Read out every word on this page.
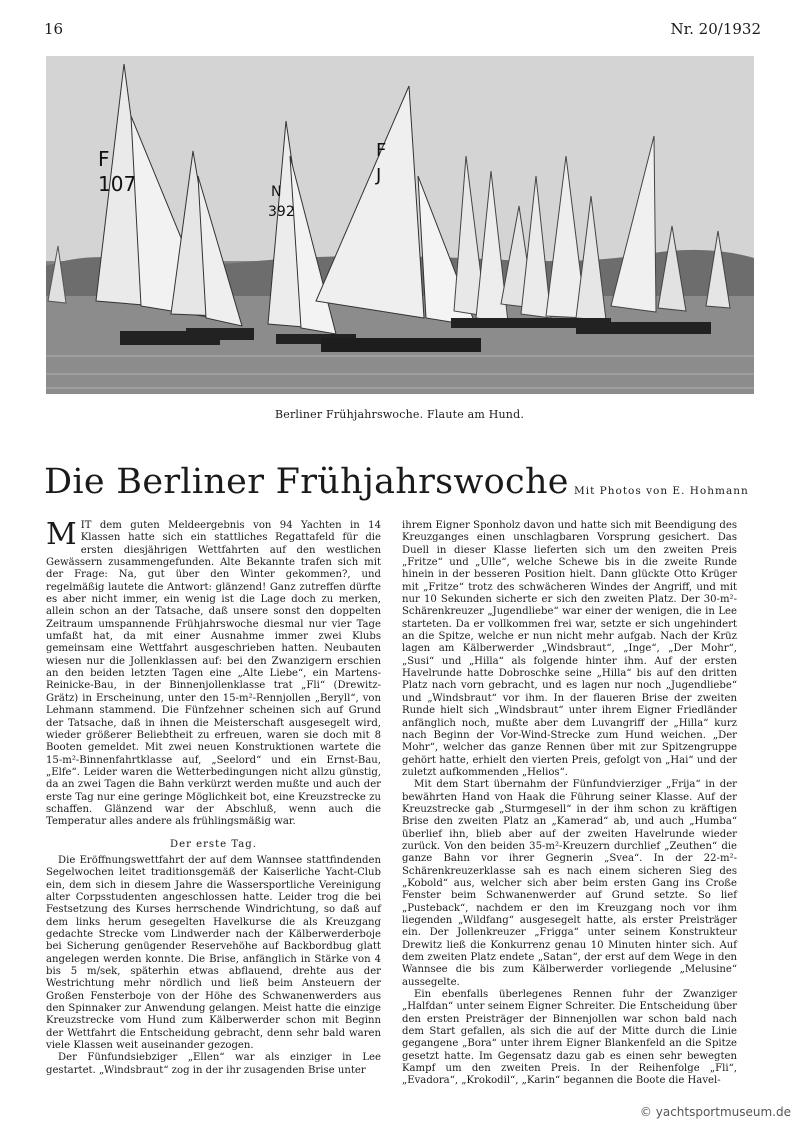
16	Nr. 20/1932
F
107	N
392
F
J
Berliner Frühjahrswoche. Flaute am Hund.
Die Berliner Frühjahrswoche Mit Photos von E. Hohmann

MIT dem guten Meldeergebnis von 94 Yachten in 14 Klassen hatte sich ein stattliches Regattafeld für die ersten diesjährigen Wettfahrten auf den westlichen Gewässern zusammengefunden. Alte Bekannte trafen sich mit der Frage: Na, gut über den Winter gekommen?, und regelmäßig lautete die Antwort: glänzend! Ganz zutreffen dürfte es aber nicht immer, ein wenig ist die Lage doch zu merken, allein schon an der Tatsache, daß unsere sonst den doppelten Zeitraum umspannende Frühjahrswoche diesmal nur vier Tage umfaßt hat, da mit einer Ausnahme immer zwei Klubs gemeinsam eine Wettfahrt ausgeschrieben hatten. Neubauten wiesen nur die Jollenklassen auf: bei den Zwanzigern erschien an den beiden letzten Tagen eine „Alte Liebe“, ein Martens-Reinicke-Bau, in der Binnenjollenklasse trat „Fli“ (Drewitz-Grätz) in Erscheinung, unter den 15-m²-Rennjollen „Beryll“, von Lehmann stammend. Die Fünfzehner scheinen sich auf Grund der Tatsache, daß in ihnen die Meisterschaft ausgesegelt wird, wieder größerer Beliebtheit zu erfreuen, waren sie doch mit 8 Booten gemeldet. Mit zwei neuen Konstruktionen wartete die 15-m²-Binnenfahrtklasse auf, „Seelord“ und ein Ernst-Bau, „Elfe“. Leider waren die Wetterbedingungen nicht allzu günstig, da an zwei Tagen die Bahn verkürzt werden mußte und auch der erste Tag nur eine geringe Möglichkeit bot, eine Kreuzstrecke zu schaffen. Glänzend war der Abschluß, wenn auch die Temperatur alles andere als frühlingsmäßig war.

Der erste Tag.

Die Eröffnungswettfahrt der auf dem Wannsee stattfindenden Segelwochen leitet traditionsgemäß der Kaiserliche Yacht-Club ein, dem sich in diesem Jahre die Wassersportliche Vereinigung alter Corpsstudenten angeschlossen hatte. Leider trog die bei Festsetzung des Kurses herrschende Windrichtung, so daß auf dem links herum gesegelten Havelkurse die als Kreuzgang gedachte Strecke vom Lindwerder nach der Kälberwerderboje bei Sicherung genügender Reservehöhe auf Backbordbug glatt angelegen werden konnte. Die Brise, anfänglich in Stärke von 4 bis 5 m/sek, späterhin etwas abflauend, drehte aus der Westrichtung mehr nördlich und ließ beim Ansteuern der Großen Fensterboje von der Höhe des Schwanenwerders aus den Spinnaker zur Anwendung gelangen. Meist hatte die einzige Kreuzstrecke vom Hund zum Kälberwerder schon mit Beginn der Wettfahrt die Entscheidung gebracht, denn sehr bald waren viele Klassen weit auseinander gezogen.

Der Fünfundsiebziger „Ellen“ war als einziger in Lee gestartet. „Windsbraut“ zog in der ihr zusagenden Brise unter

ihrem Eigner Sponholz davon und hatte sich mit Beendigung des Kreuzganges einen unschlagbaren Vorsprung gesichert. Das Duell in dieser Klasse lieferten sich um den zweiten Preis „Fritze“ und „Ulle“, welche Schewe bis in die zweite Runde hinein in der besseren Position hielt. Dann glückte Otto Krüger mit „Fritze“ trotz des schwächeren Windes der Angriff, und mit nur 10 Sekunden sicherte er sich den zweiten Platz. Der 30-m²-Schärenkreuzer „Jugendliebe“ war einer der wenigen, die in Lee starteten. Da er vollkommen frei war, setzte er sich ungehindert an die Spitze, welche er nun nicht mehr aufgab. Nach der Krüz lagen am Kälberwerder „Windsbraut“, „Inge“, „Der Mohr“, „Susi“ und „Hilla“ als folgende hinter ihm. Auf der ersten Havelrunde hatte Dobroschke seine „Hilla“ bis auf den dritten Platz nach vorn gebracht, und es lagen nur noch „Jugendliebe“ und „Windsbraut“ vor ihm. In der flaueren Brise der zweiten Runde hielt sich „Windsbraut“ unter ihrem Eigner Friedländer anfänglich noch, mußte aber dem Luvangriff der „Hilla“ kurz nach Beginn der Vor-Wind-Strecke zum Hund weichen. „Der Mohr“, welcher das ganze Rennen über mit zur Spitzengruppe gehört hatte, erhielt den vierten Preis, gefolgt von „Hai“ und der zuletzt aufkommenden „Helios“.

Mit dem Start übernahm der Fünfundvierziger „Frija“ in der bewährten Hand von Haak die Führung seiner Klasse. Auf der Kreuzstrecke gab „Sturmgesell“ in der ihm schon zu kräftigen Brise den zweiten Platz an „Kamerad“ ab, und auch „Humba“ überlief ihn, blieb aber auf der zweiten Havelrunde wieder zurück. Von den beiden 35-m²-Kreuzern durchlief „Zeuthen“ die ganze Bahn vor ihrer Gegnerin „Svea“. In der 22-m²-Schärenkreuzerklasse sah es nach einem sicheren Sieg des „Kobold“ aus, welcher sich aber beim ersten Gang ins Croße Fenster beim Schwanenwerder auf Grund setzte. So lief „Pusteback“, nachdem er den im Kreuzgang noch vor ihm liegenden „Wildfang“ ausgesegelt hatte, als erster Preisträger ein. Der Jollenkreuzer „Frigga“ unter seinem Konstrukteur Drewitz ließ die Konkurrenz genau 10 Minuten hinter sich. Auf dem zweiten Platz endete „Satan“, der erst auf dem Wege in den Wannsee die bis zum Kälberwerder vorliegende „Melusine“ aussegelte.

Ein ebenfalls überlegenes Rennen fuhr der Zwanziger „Halfdan“ unter seinem Eigner Schreiter. Die Entscheidung über den ersten Preisträger der Binnenjollen war schon bald nach dem Start gefallen, als sich die auf der Mitte durch die Linie gegangene „Bora“ unter ihrem Eigner Blankenfeld an die Spitze gesetzt hatte. Im Gegensatz dazu gab es einen sehr bewegten Kampf um den zweiten Preis. In der Reihenfolge „Fli“, „Evadora“, „Krokodil“, „Karin“ begannen die Boote die Havel-

© yachtsportmuseum.de
